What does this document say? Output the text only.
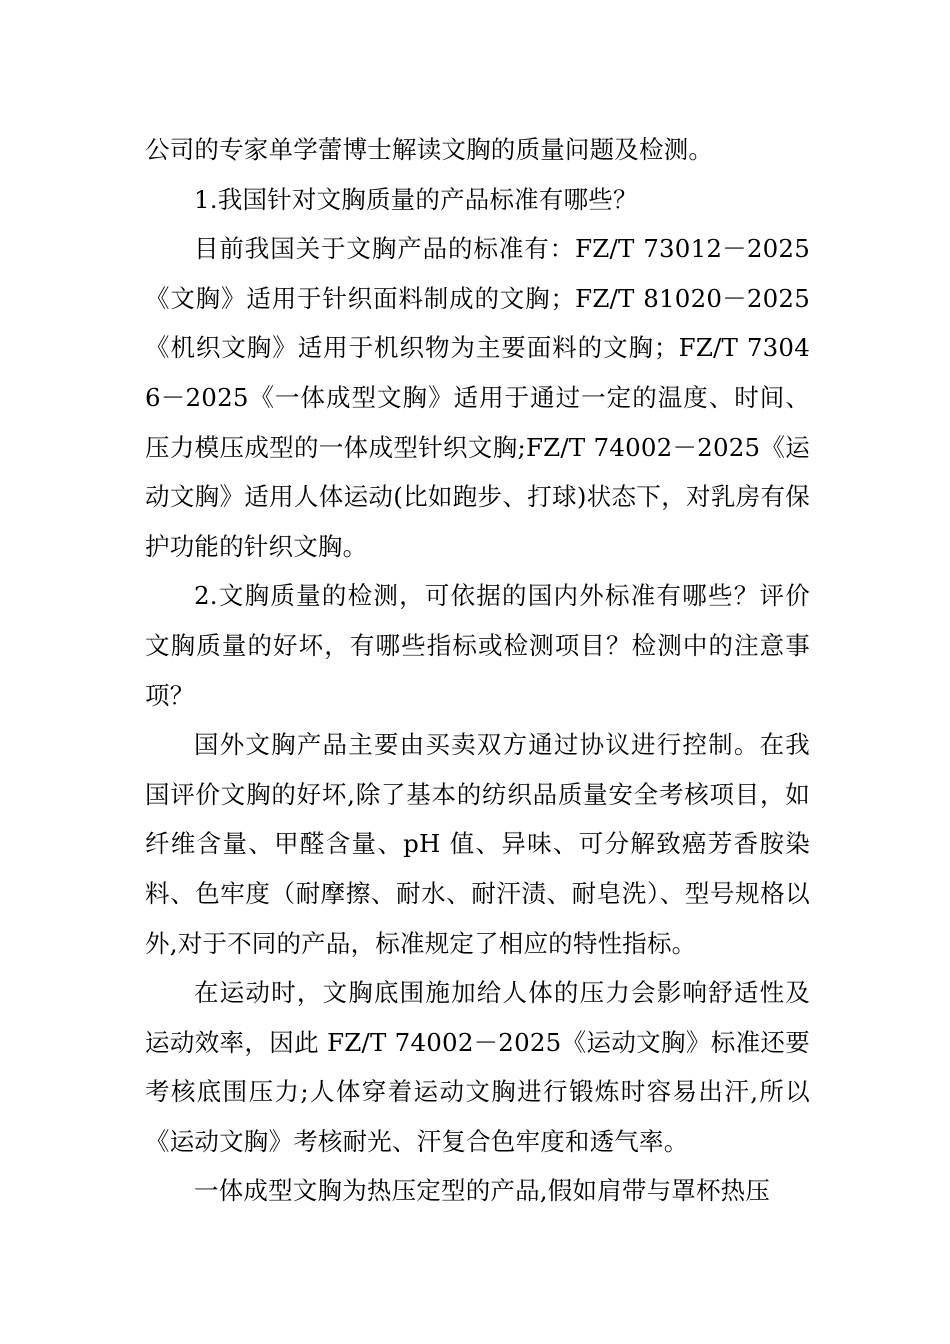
公司的专家单学蕾博士解读文胸的质量问题及检测。

1.我国针对文胸质量的产品标准有哪些？

目前我国关于文胸产品的标准有：FZ/T 73012－2025《文胸》适用于针织面料制成的文胸；FZ/T 81020－2025《机织文胸》适用于机织物为主要面料的文胸；FZ/T 73046－2025《一体成型文胸》适用于通过一定的温度、时间、压力模压成型的一体成型针织文胸;FZ/T 74002－2025《运动文胸》适用人体运动(比如跑步、打球)状态下，对乳房有保护功能的针织文胸。

2.文胸质量的检测，可依据的国内外标准有哪些？评价文胸质量的好坏，有哪些指标或检测项目？检测中的注意事项？

国外文胸产品主要由买卖双方通过协议进行控制。在我国评价文胸的好坏,除了基本的纺织品质量安全考核项目，如纤维含量、甲醛含量、pH 值、异味、可分解致癌芳香胺染料、色牢度（耐摩擦、耐水、耐汗渍、耐皂洗）、型号规格以外,对于不同的产品，标准规定了相应的特性指标。

在运动时，文胸底围施加给人体的压力会影响舒适性及运动效率，因此 FZ/T 74002－2025《运动文胸》标准还要考核底围压力;人体穿着运动文胸进行锻炼时容易出汗,所以《运动文胸》考核耐光、汗复合色牢度和透气率。

一体成型文胸为热压定型的产品,假如肩带与罩杯热压
